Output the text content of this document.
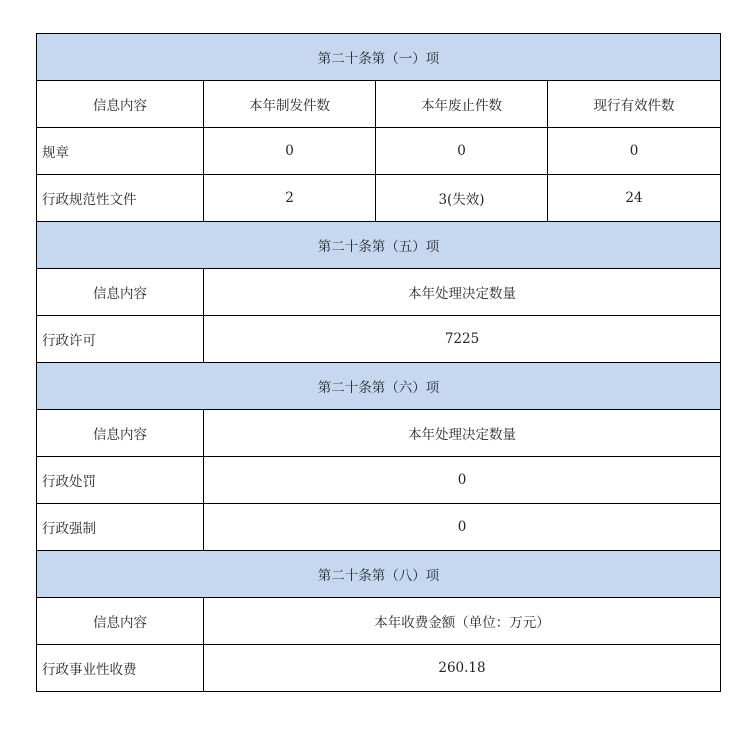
第二十条第（一）项			
信息内容	本年制发件数	本年废止件数	现行有效件数
规章	0	0	0
行政规范性文件	2	3(失效)	24
第二十条第（五）项			
信息内容	本年处理决定数量		
行政许可	7225		
第二十条第（六）项			
信息内容	本年处理决定数量		
行政处罚	0		
行政强制	0		
第二十条第（八）项			
信息内容	本年收费金额（单位：万元）		
行政事业性收费	260.18		
